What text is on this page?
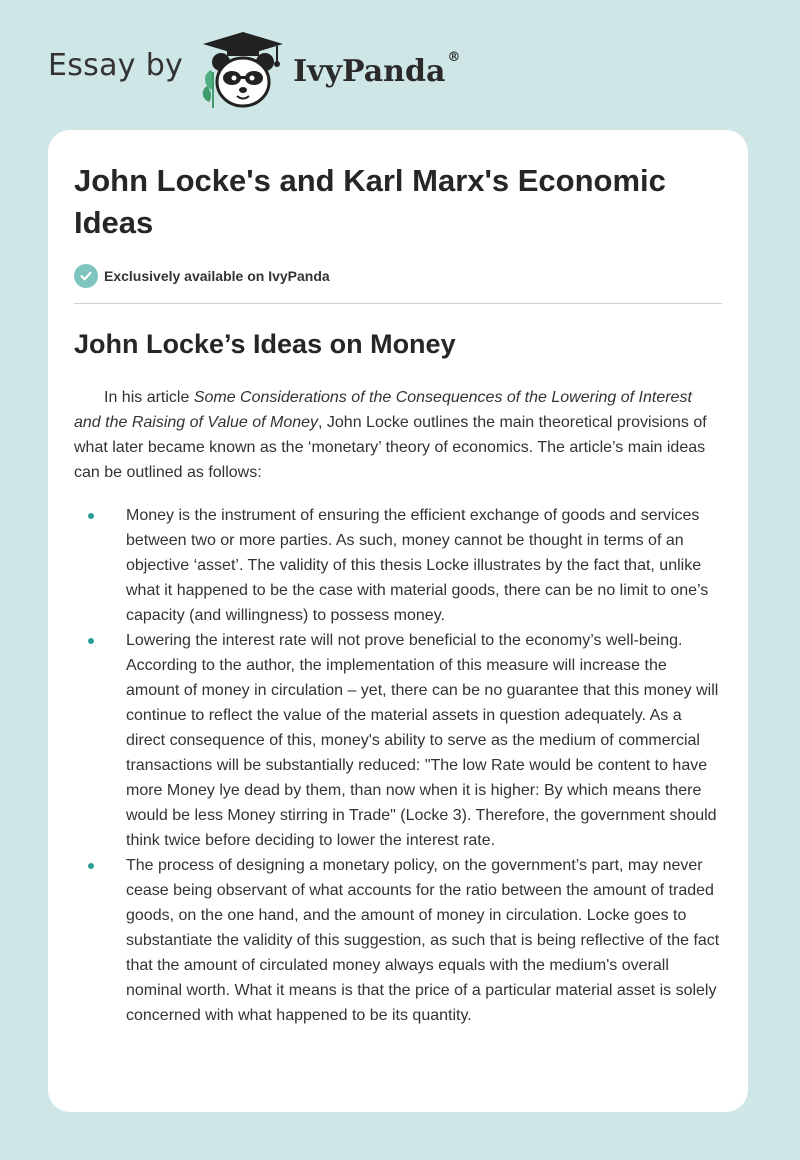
Essay by	IvyPanda ®
John Locke's and Karl Marx's Economic Ideas
Exclusively available on IvyPanda
John Locke’s Ideas on Money

In his article Some Considerations of the Consequences of the Lowering of Interest and the Raising of Value of Money, John Locke outlines the main theoretical provisions of what later became known as the ‘monetary’ theory of economics. The article’s main ideas can be outlined as follows:

Money is the instrument of ensuring the efficient exchange of goods and services between two or more parties. As such, money cannot be thought in terms of an objective ‘asset’. The validity of this thesis Locke illustrates by the fact that, unlike what it happened to be the case with material goods, there can be no limit to one’s capacity (and willingness) to possess money.
Lowering the interest rate will not prove beneficial to the economy’s well-being. According to the author, the implementation of this measure will increase the amount of money in circulation – yet, there can be no guarantee that this money will continue to reflect the value of the material assets in question adequately. As a direct consequence of this, money's ability to serve as the medium of commercial transactions will be substantially reduced: "The low Rate would be content to have more Money lye dead by them, than now when it is higher: By which means there would be less Money stirring in Trade" (Locke 3). Therefore, the government should think twice before deciding to lower the interest rate.
The process of designing a monetary policy, on the government’s part, may never cease being observant of what accounts for the ratio between the amount of traded goods, on the one hand, and the amount of money in circulation. Locke goes to substantiate the validity of this suggestion, as such that is being reflective of the fact that the amount of circulated money always equals with the medium's overall nominal worth. What it means is that the price of a particular material asset is solely concerned with what happened to be its quantity.
